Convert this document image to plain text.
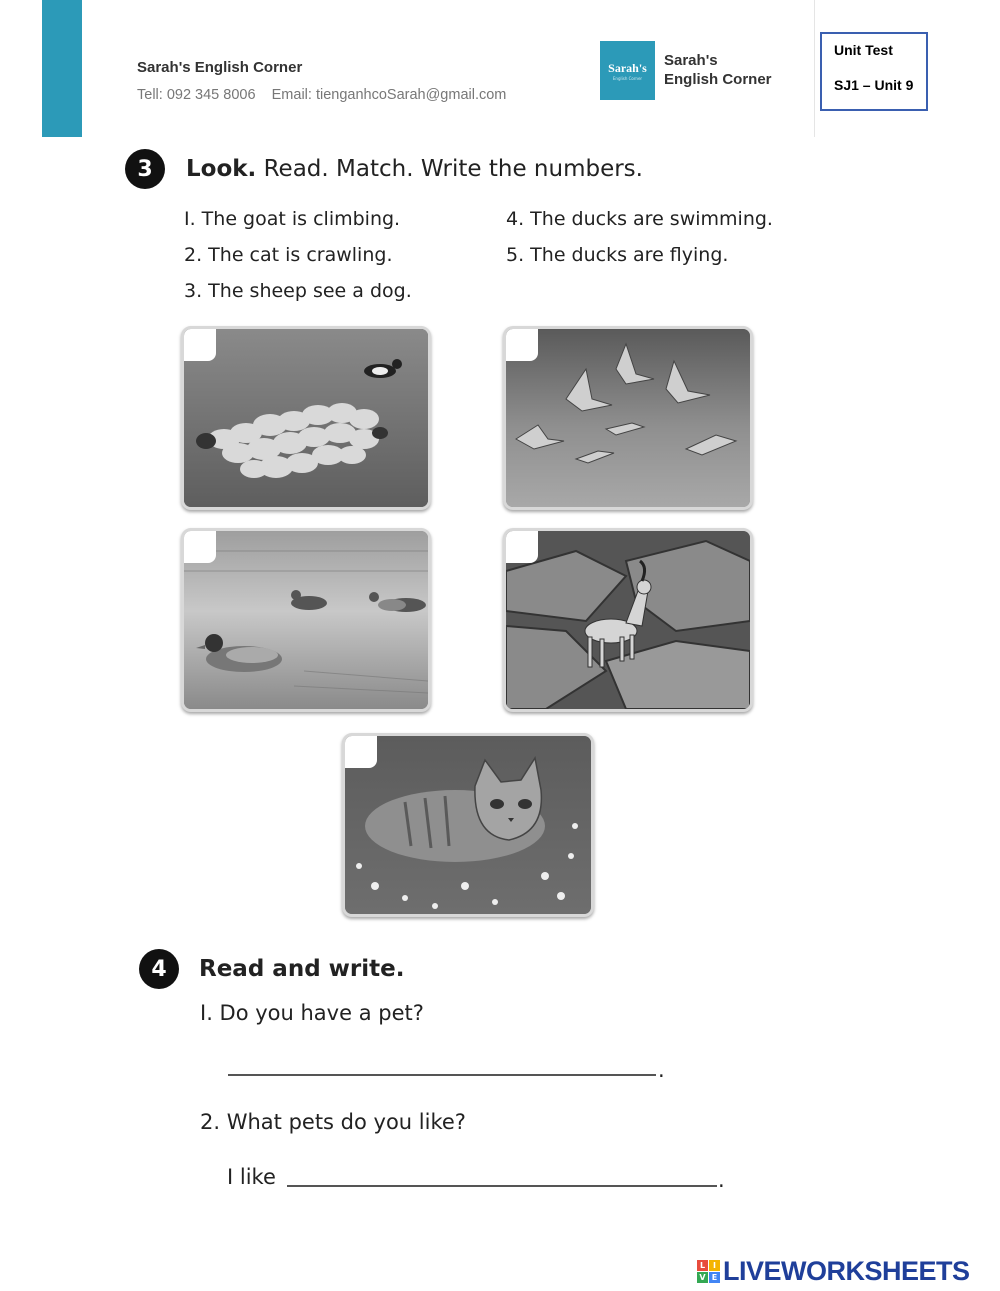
Sarah's English Corner
Tell: 092 345 8006    Email: tienganhcoSarah@gmail.com
Sarah's
English Corner
Sarah's
English Corner
Unit Test
SJ1 – Unit 9
3	Look. Read. Match. Write the numbers.
I. The goat is climbing.
2. The cat is crawling.
3. The sheep see a dog.
4. The ducks are swimming.
5. The ducks are flying.
4	Read and write.
I. Do you have a pet?
.
2. What pets do you like?
I like	.
L I
V E LIVEWORKSHEETS
